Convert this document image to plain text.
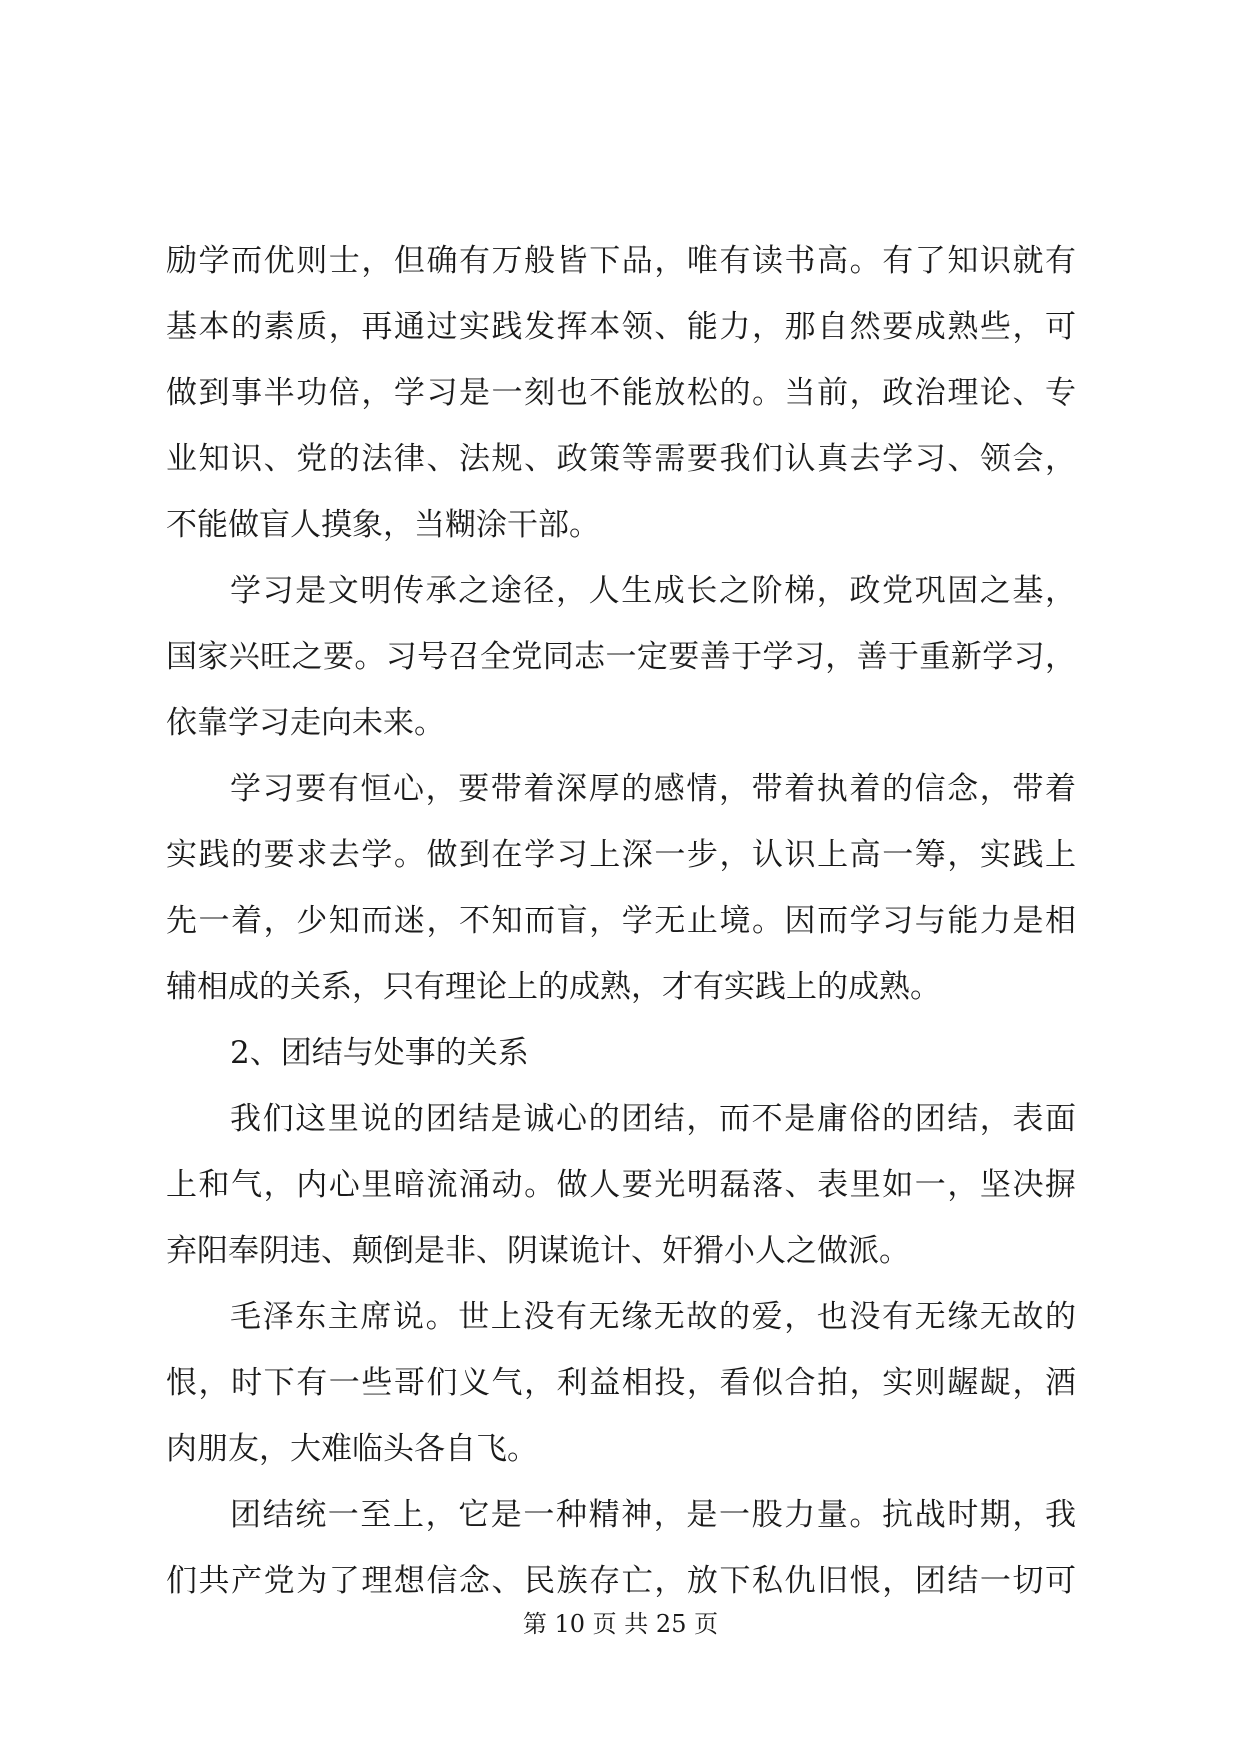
励学而优则士，但确有万般皆下品，唯有读书高。有了知识就有
基本的素质，再通过实践发挥本领、能力，那自然要成熟些，可
做到事半功倍，学习是一刻也不能放松的。当前，政治理论、专
业知识、党的法律、法规、政策等需要我们认真去学习、领会，
不能做盲人摸象，当糊涂干部。
学习是文明传承之途径，人生成长之阶梯，政党巩固之基，
国家兴旺之要。习号召全党同志一定要善于学习，善于重新学习，
依靠学习走向未来。
学习要有恒心，要带着深厚的感情，带着执着的信念，带着
实践的要求去学。做到在学习上深一步，认识上高一筹，实践上
先一着，少知而迷，不知而盲，学无止境。因而学习与能力是相
辅相成的关系，只有理论上的成熟，才有实践上的成熟。
2、团结与处事的关系
我们这里说的团结是诚心的团结，而不是庸俗的团结，表面
上和气，内心里暗流涌动。做人要光明磊落、表里如一，坚决摒
弃阳奉阴违、颠倒是非、阴谋诡计、奸猾小人之做派。
毛泽东主席说。世上没有无缘无故的爱，也没有无缘无故的
恨，时下有一些哥们义气，利益相投，看似合拍，实则龌龊，酒
肉朋友，大难临头各自飞。
团结统一至上，它是一种精神，是一股力量。抗战时期，我
们共产党为了理想信念、民族存亡，放下私仇旧恨，团结一切可
第 10 页 共 25 页
